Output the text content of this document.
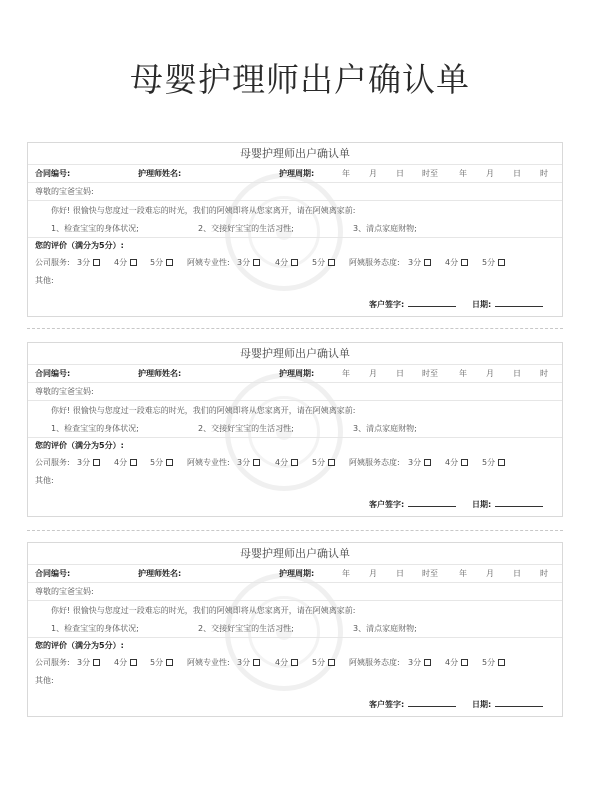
母婴护理师出户确认单
母婴护理师出户确认单
合同编号:	护理师姓名:	护理周期:	年 月 日 时至	年 月 日 时
尊敬的宝爸宝妈:
你好! 很愉快与您度过一段难忘的时光，我们的阿姨即将从您家离开，请在阿姨离家前:
1、检查宝宝的身体状况;	2、交接好宝宝的生活习性;	3、清点家庭财物;
您的评价（满分为5分）:
公司服务: 3分	4分	5分	阿姨专业性: 3分	4分	5分	阿姨服务态度: 3分	4分	5分
其他:
客户签字:	日期:
母婴护理师出户确认单
合同编号:	护理师姓名:	护理周期:	年 月 日 时至	年 月 日 时
尊敬的宝爸宝妈:
你好! 很愉快与您度过一段难忘的时光，我们的阿姨即将从您家离开，请在阿姨离家前:
1、检查宝宝的身体状况;	2、交接好宝宝的生活习性;	3、清点家庭财物;
您的评价（满分为5分）:
公司服务: 3分	4分	5分	阿姨专业性: 3分	4分	5分	阿姨服务态度: 3分	4分	5分
其他:
客户签字:	日期:
母婴护理师出户确认单
合同编号:	护理师姓名:	护理周期:	年 月 日 时至	年 月 日 时
尊敬的宝爸宝妈:
你好! 很愉快与您度过一段难忘的时光，我们的阿姨即将从您家离开，请在阿姨离家前:
1、检查宝宝的身体状况;	2、交接好宝宝的生活习性;	3、清点家庭财物;
您的评价（满分为5分）:
公司服务: 3分	4分	5分	阿姨专业性: 3分	4分	5分	阿姨服务态度: 3分	4分	5分
其他:
客户签字:	日期:
